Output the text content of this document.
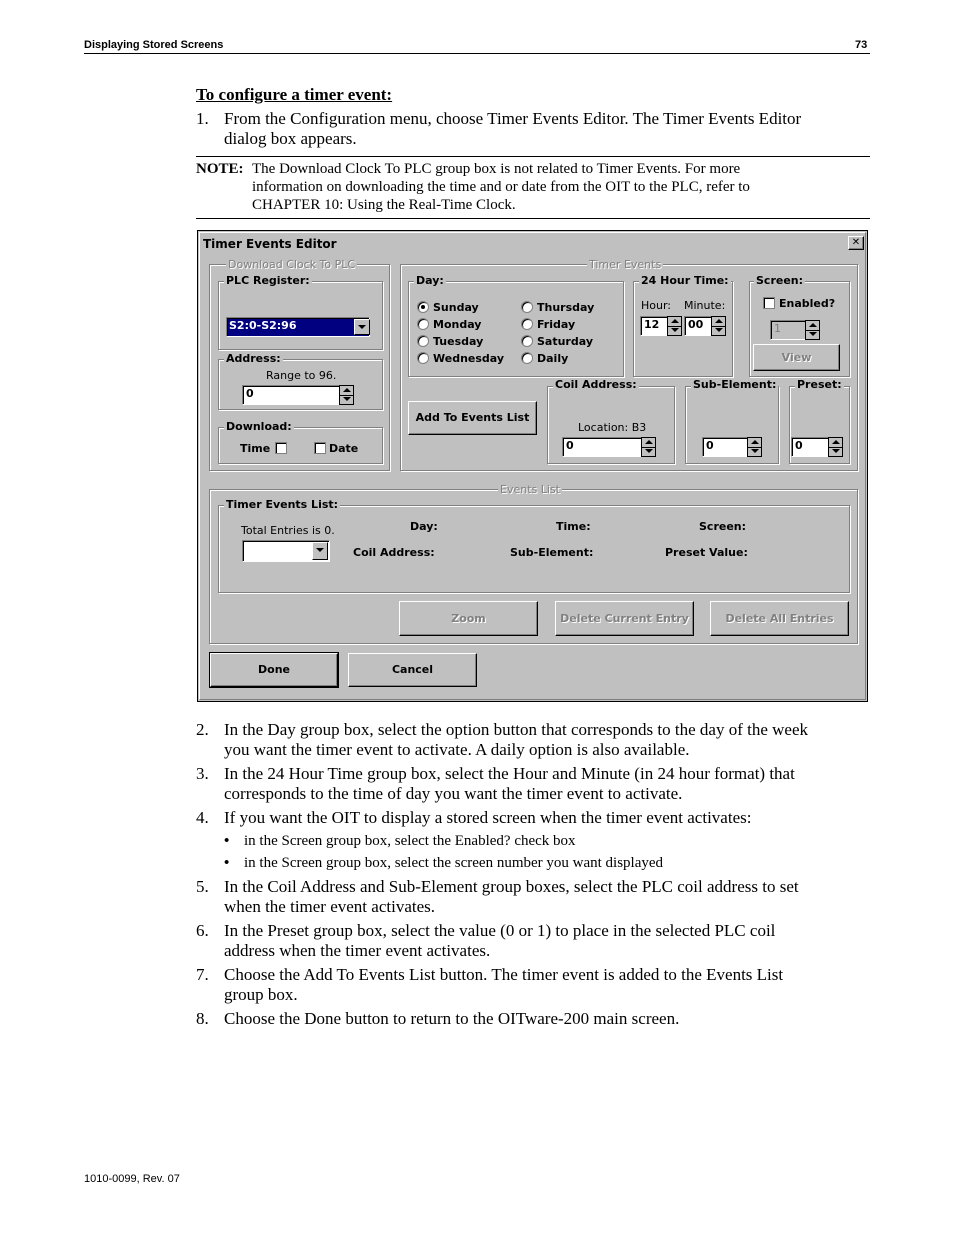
Displaying Stored Screens	73
To configure a timer event:
1. From the Configuration menu, choose Timer Events Editor. The Timer Events Editor
dialog box appears.
NOTE: The Download Clock To PLC group box is not related to Timer Events. For more
information on downloading the time and or date from the OIT to the PLC, refer to
CHAPTER 10: Using the Real-Time Clock.
Timer Events Editor	✕
Download Clock To PLC
PLC Register:
S2:0-S2:96
Address:
Range to 96.
0
Download:
Time	Date
Timer Events
Day:
Sunday
Monday
Tuesday
Wednesday
Thursday
Friday
Saturday
Daily
24 Hour Time:
Hour: Minute:
12	00
Screen:
Enabled?
1
View
Add To Events List
Coil Address:
Location: B3
0
Sub-Element:
0
Preset:
0
Events List
Timer Events List:
Total Entries is 0.	Day:	Time:	Screen:
Coil Address:	Sub-Element:	Preset Value:
Zoom	Delete Current Entry	Delete All Entries
Done	Cancel
2. In the Day group box, select the option button that corresponds to the day of the week
you want the timer event to activate. A daily option is also available.
3. In the 24 Hour Time group box, select the Hour and Minute (in 24 hour format) that
corresponds to the time of day you want the timer event to activate.
4. If you want the OIT to display a stored screen when the timer event activates:
• in the Screen group box, select the Enabled? check box
• in the Screen group box, select the screen number you want displayed
5. In the Coil Address and Sub-Element group boxes, select the PLC coil address to set
when the timer event activates.
6. In the Preset group box, select the value (0 or 1) to place in the selected PLC coil
address when the timer event activates.
7. Choose the Add To Events List button. The timer event is added to the Events List
group box.
8. Choose the Done button to return to the OITware-200 main screen.
1010-0099, Rev. 07
